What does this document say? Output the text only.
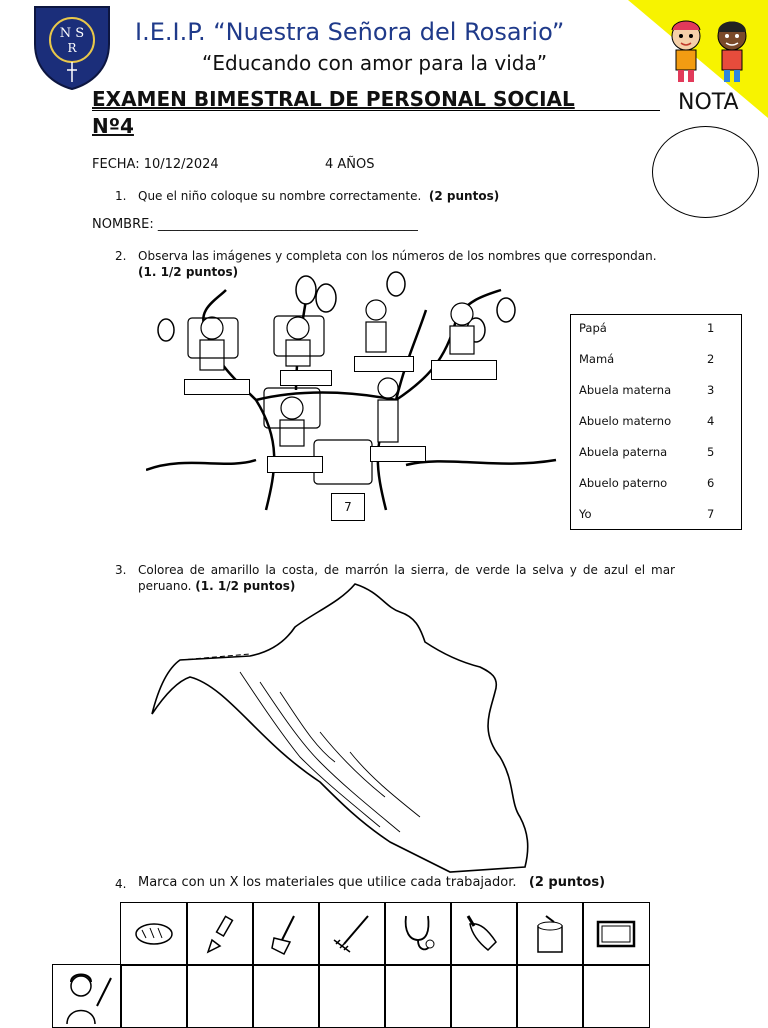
N S
R
I.E.I.P. “Nuestra Señora del Rosario”
“Educando con amor para la vida”
EXAMEN BIMESTRAL DE PERSONAL SOCIAL
Nº4
NOTA
FECHA: 10/12/2024	4 AÑOS
1. Que el niño coloque su nombre correctamente. (2 puntos)
NOMBRE: ________________________________________
2. Observa las imágenes y completa con los números de los nombres que correspondan.
(1. 1/2 puntos)
7
Papá	1
Mamá	2
Abuela materna	3
Abuelo materno	4
Abuela paterna	5
Abuelo paterno	6
Yo	7
3. Colorea de amarillo la costa, de marrón la sierra, de verde la selva y de azul el mar peruano. (1. 1/2 puntos)
4. Marca con un X los materiales que utilice cada trabajador. (2 puntos)
